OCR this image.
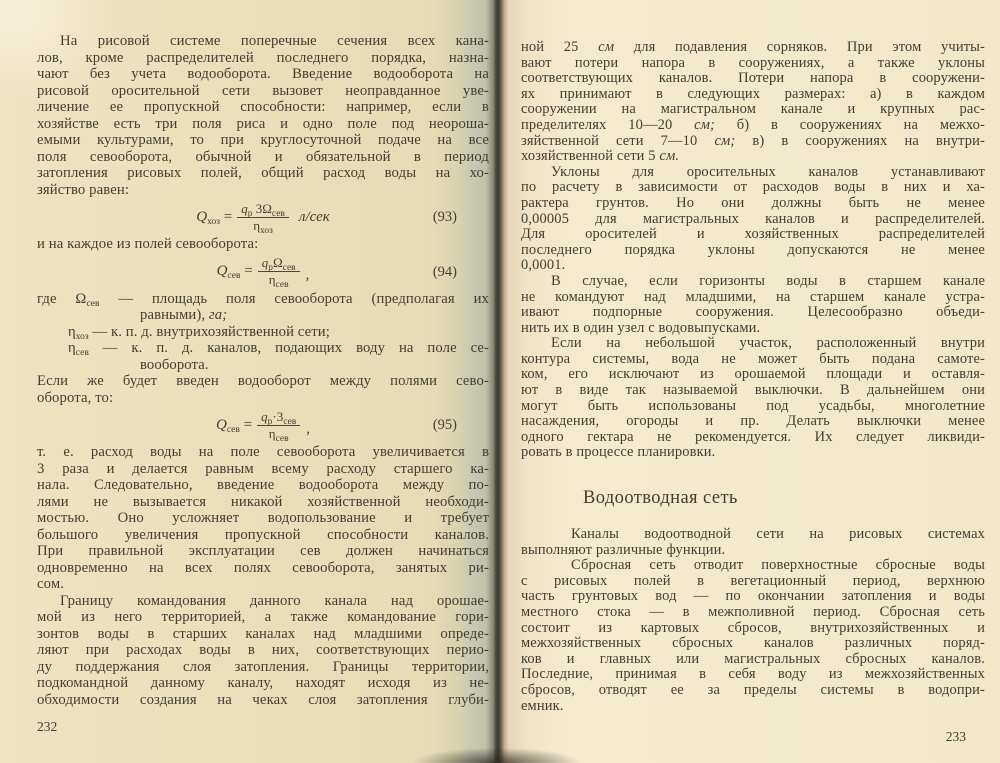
На рисовой системе поперечные сечения всех кана-
лов, кроме распределителей последнего порядка, назна-
чают без учета водооборота. Введение водооборота на
рисовой оросительной сети вызовет неоправданное уве-
личение ее пропускной способности: например, если в
хозяйстве есть три поля риса и одно поле под неороша-
емыми культурами, то при круглосуточной подаче на все
поля севооборота, обычной и обязательной в период
затопления рисовых полей, общий расход воды на хо-
зяйство равен:
$Q_{хоз} = \frac{q_р 3\Omega_{сев}}{\eta_{хоз}} л/сек$	(93)
и на каждое из полей севооборота:
$Q_{сев} = \frac{q_р\Omega_{сев}}{\eta_{сев}}$ ,	(94)
где $\Omega_{сев}$ — площадь поля севооборота (предполагая их
равными), га;
$\eta_{хоз}$ — к. п. д. внутрихозяйственной сети;
$\eta_{сев}$ — к. п. д. каналов, подающих воду на поле се-
вооборота.
Если же будет введен водооборот между полями сево-
оборота, то:
$Q_{сев} = \frac{q_р\cdot 3_{сев}}{\eta_{сев}}$ ,	(95)
т. е. расход воды на поле севооборота увеличивается в
3 раза и делается равным всему расходу старшего ка-
нала. Следовательно, введение водооборота между по-
лями не вызывается никакой хозяйственной необходи-
мостью. Оно усложняет водопользование и требует
большого увеличения пропускной способности каналов.
При правильной эксплуатации сев должен начинаться
одновременно на всех полях севооборота, занятых ри-
сом.
Границу командования данного канала над орошае-
мой из него территорией, а также командование гори-
зонтов воды в старших каналах над младшими опреде-
ляют при расходах воды в них, соответствующих перио-
ду поддержания слоя затопления. Границы территории,
подкомандной данному каналу, находят исходя из не-
обходимости создания на чеках слоя затопления глуби-
232
ной 25 см для подавления сорняков. При этом учиты-
вают потери напора в сооружениях, а также уклоны
соответствующих каналов. Потери напора в сооружени-
ях принимают в следующих размерах: а) в каждом
сооружении на магистральном канале и крупных рас-
пределителях 10—20 см; б) в сооружениях на межхо-
зяйственной сети 7—10 см; в) в сооружениях на внутри-
хозяйственной сети 5 см.
Уклоны для оросительных каналов устанавливают
по расчету в зависимости от расходов воды в них и ха-
рактера грунтов. Но они должны быть не менее
0,00005 для магистральных каналов и распределителей.
Для оросителей и хозяйственных распределителей
последнего порядка уклоны допускаются не менее
0,0001.
В случае, если горизонты воды в старшем канале
не командуют над младшими, на старшем канале устра-
ивают подпорные сооружения. Целесообразно объеди-
нить их в один узел с водовыпусками.
Если на небольшой участок, расположенный внутри
контура системы, вода не может быть подана самоте-
ком, его исключают из орошаемой площади и оставля-
ют в виде так называемой выключки. В дальнейшем они
могут быть использованы под усадьбы, многолетние
насаждения, огороды и пр. Делать выключки менее
одного гектара не рекомендуется. Их следует ликвиди-
ровать в процессе планировки.
Водоотводная сеть
Каналы водоотводной сети на рисовых системах
выполняют различные функции.
Сбросная сеть отводит поверхностные сбросные воды
с рисовых полей в вегетационный период, верхнюю
часть грунтовых вод — по окончании затопления и воды
местного стока — в межполивной период. Сбросная сеть
состоит из картовых сбросов, внутрихозяйственных и
межхозяйственных сбросных каналов различных поряд-
ков и главных или магистральных сбросных каналов.
Последние, принимая в себя воду из межхозяйственных
сбросов, отводят ее за пределы системы в водопри-
емник.
233
